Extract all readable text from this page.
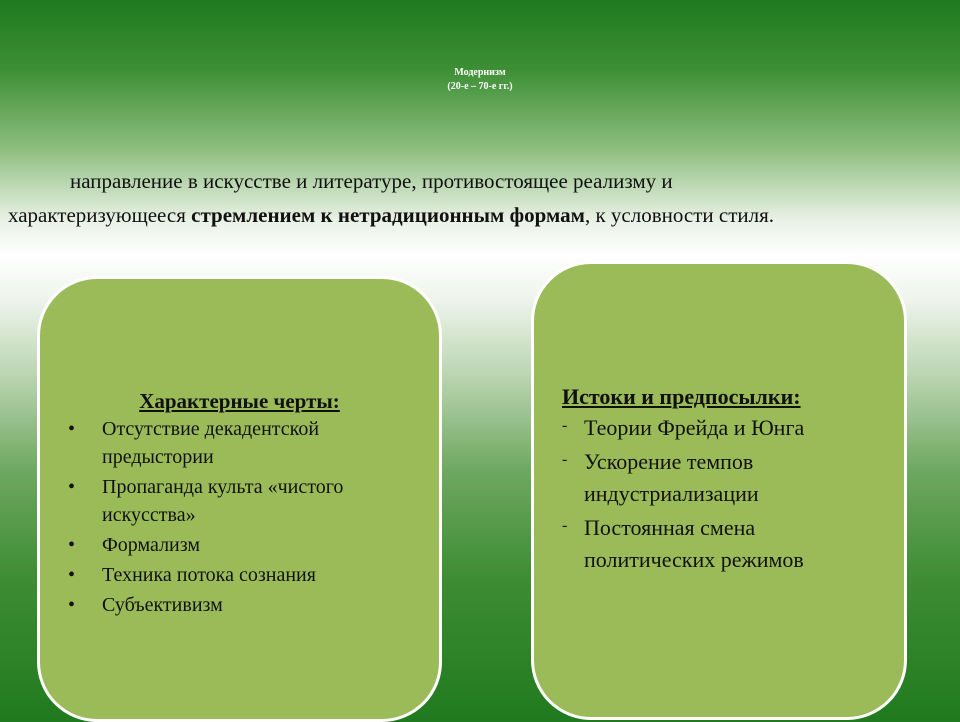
Модернизм
(20-е – 70-е гг.)
направление в искусстве и литературе, противостоящее реализму и
характеризующееся стремлением к нетрадиционным формам, к условности стиля.
Характерные черты:
• Отсутствие декадентской предыстории
• Пропаганда культа «чистого искусства»
• Формализм
• Техника потока сознания
• Субъективизм
Истоки и предпосылки:
- Теории Фрейда и Юнга
- Ускорение темпов индустриализации
- Постоянная смена политических режимов
